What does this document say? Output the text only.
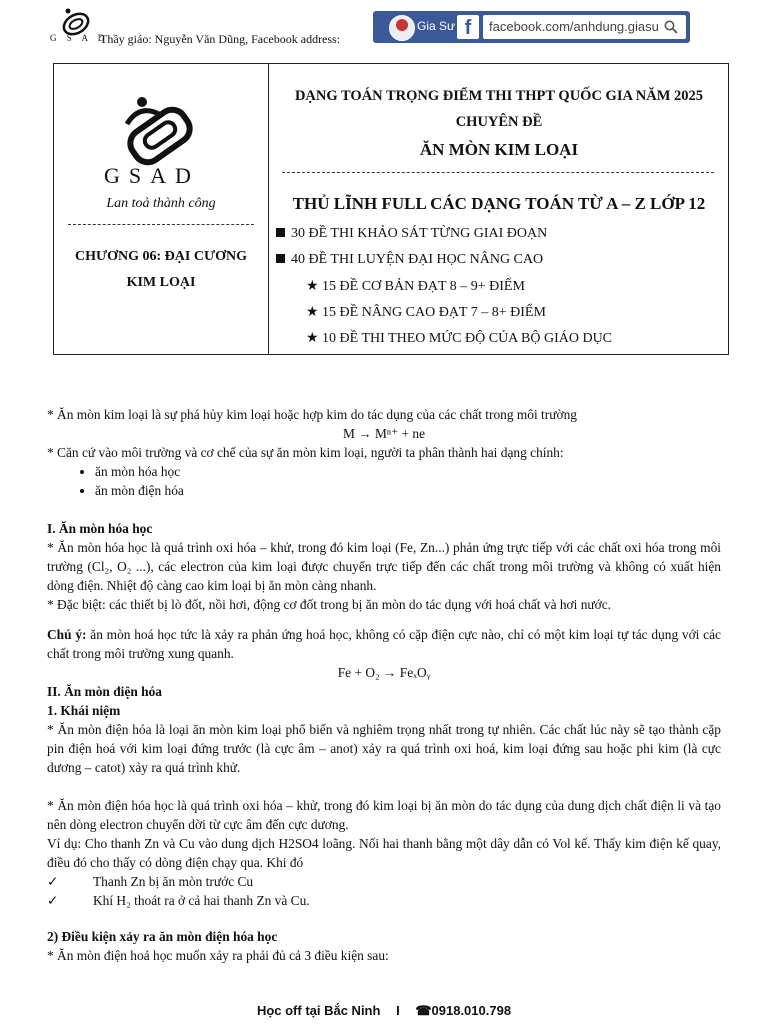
G S A D
Thầy giáo: Nguyễn Văn Dũng, Facebook address:
Gia Sư f	facebook.com/anhdung.giasu
GSAD
Lan toả thành công
CHƯƠNG 06: ĐẠI CƯƠNG
KIM LOẠI
DẠNG TOÁN TRỌNG ĐIỂM THI THPT QUỐC GIA NĂM 2025
CHUYÊN ĐỀ
ĂN MÒN KIM LOẠI
THỦ LĨNH FULL CÁC DẠNG TOÁN TỪ A – Z LỚP 12
30 ĐỀ THI KHẢO SÁT TỪNG GIAI ĐOẠN
40 ĐỀ THI LUYỆN ĐẠI HỌC NÂNG CAO
★ 15 ĐỀ CƠ BẢN ĐẠT 8 – 9+ ĐIỂM
★ 15 ĐỀ NÂNG CAO ĐẠT 7 – 8+ ĐIỂM
★ 10 ĐỀ THI THEO MỨC ĐỘ CỦA BỘ GIÁO DỤC

* Ăn mòn kim loại là sự phá hủy kim loại hoặc hợp kim do tác dụng của các chất trong môi trường

M → Mⁿ⁺ + ne

* Căn cứ vào môi trường và cơ chế của sự ăn mòn kim loại, người ta phân thành hai dạng chính:

• ăn mòn hóa học
• ăn mòn điện hóa

I. Ăn mòn hóa học

* Ăn mòn hóa học là quá trình oxi hóa – khử, trong đó kim loại (Fe, Zn...) phản ứng trực tiếp với các chất oxi hóa trong môi trường (Cl₂, O₂ ...), các electron của kim loại được chuyển trực tiếp đến các chất trong môi trường và không có xuất hiện dòng điện. Nhiệt độ càng cao kim loại bị ăn mòn càng nhanh.

* Đặc biệt: các thiết bị lò đốt, nồi hơi, động cơ đốt trong bị ăn mòn do tác dụng với hoá chất và hơi nước.

Chú ý: ăn mòn hoá học tức là xảy ra phản ứng hoá học, không có cặp điện cực nào, chỉ có một kim loại tự tác dụng với các chất trong môi trường xung quanh.

Fe + O₂ → FeₓOᵧ

II. Ăn mòn điện hóa

1. Khái niệm

* Ăn mòn điện hóa là loại ăn mòn kim loại phổ biến và nghiêm trọng nhất trong tự nhiên. Các chất lúc này sẽ tạo thành cặp pin điện hoá với kim loại đứng trước (là cực âm – anot) xảy ra quá trình oxi hoá, kim loại đứng sau hoặc phi kim (là cực dương – catot) xảy ra quá trình khử.

* Ăn mòn điện hóa học là quá trình oxi hóa – khử, trong đó kim loại bị ăn mòn do tác dụng của dung dịch chất điện li và tạo nên dòng electron chuyển dời từ cực âm đến cực dương.

Ví dụ: Cho thanh Zn và Cu vào dung dịch H2SO4 loãng. Nối hai thanh bằng một dây dẫn có Vol kế. Thấy kim điện kế quay, điều đó cho thấy có dòng điện chạy qua. Khi đó

✓	Thanh Zn bị ăn mòn trước Cu
✓	Khí H₂ thoát ra ở cả hai thanh Zn và Cu.

2) Điều kiện xảy ra ăn mòn điện hóa học

* Ăn mòn điện hoá học muốn xảy ra phải đủ cả 3 điều kiện sau:

Học off tại Bắc Ninh I ☎0918.010.798
